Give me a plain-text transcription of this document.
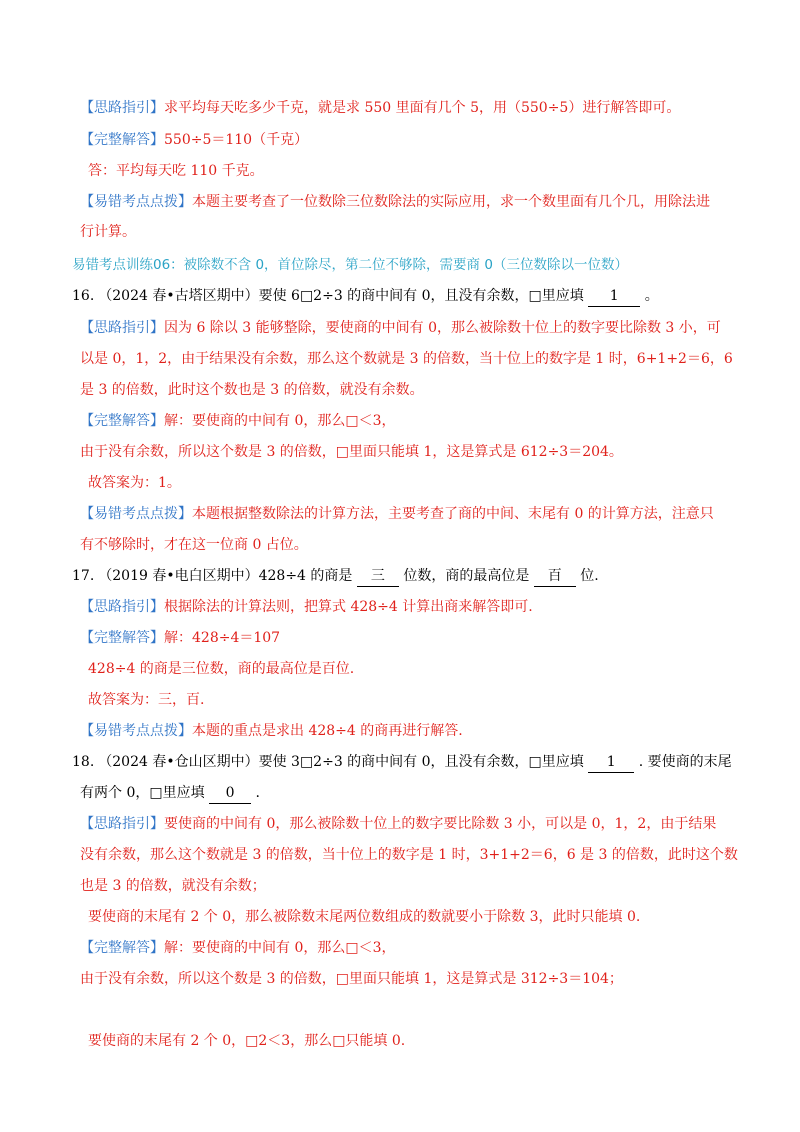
【思路指引】求平均每天吃多少千克，就是求 550 里面有几个 5，用（550÷5）进行解答即可。
【完整解答】550÷5＝110（千克）
答：平均每天吃 110 千克。
【易错考点点拨】本题主要考查了一位数除三位数除法的实际应用，求一个数里面有几个几，用除法进
行计算。
易错考点训练06：被除数不含 0，首位除尽，第二位不够除，需要商 0（三位数除以一位数）
16. （2024 春•古塔区期中）要使 6□2÷3 的商中间有 0，且没有余数，□里应填 1 。
【思路指引】因为 6 除以 3 能够整除，要使商的中间有 0，那么被除数十位上的数字要比除数 3 小，可
以是 0，1，2，由于结果没有余数，那么这个数就是 3 的倍数，当十位上的数字是 1 时，6+1+2＝6，6
是 3 的倍数，此时这个数也是 3 的倍数，就没有余数。
【完整解答】解：要使商的中间有 0，那么□＜3，
由于没有余数，所以这个数是 3 的倍数，□里面只能填 1，这是算式是 612÷3＝204。
故答案为：1。
【易错考点点拨】本题根据整数除法的计算方法，主要考查了商的中间、末尾有 0 的计算方法，注意只
有不够除时，才在这一位商 0 占位。
17. （2019 春•电白区期中）428÷4 的商是 三 位数，商的最高位是 百 位.
【思路指引】根据除法的计算法则，把算式 428÷4 计算出商来解答即可.
【完整解答】解：428÷4＝107
428÷4 的商是三位数，商的最高位是百位.
故答案为：三，百.
【易错考点点拨】本题的重点是求出 428÷4 的商再进行解答.
18. （2024 春•仓山区期中）要使 3□2÷3 的商中间有 0，且没有余数，□里应填 1 . 要使商的末尾
有两个 0，□里应填 0 .
【思路指引】要使商的中间有 0，那么被除数十位上的数字要比除数 3 小，可以是 0，1，2，由于结果
没有余数，那么这个数就是 3 的倍数，当十位上的数字是 1 时，3+1+2＝6，6 是 3 的倍数，此时这个数
也是 3 的倍数，就没有余数；
要使商的末尾有 2 个 0，那么被除数末尾两位数组成的数就要小于除数 3，此时只能填 0.
【完整解答】解：要使商的中间有 0，那么□＜3，
由于没有余数，所以这个数是 3 的倍数，□里面只能填 1，这是算式是 312÷3＝104；
要使商的末尾有 2 个 0，□2＜3，那么□只能填 0.
